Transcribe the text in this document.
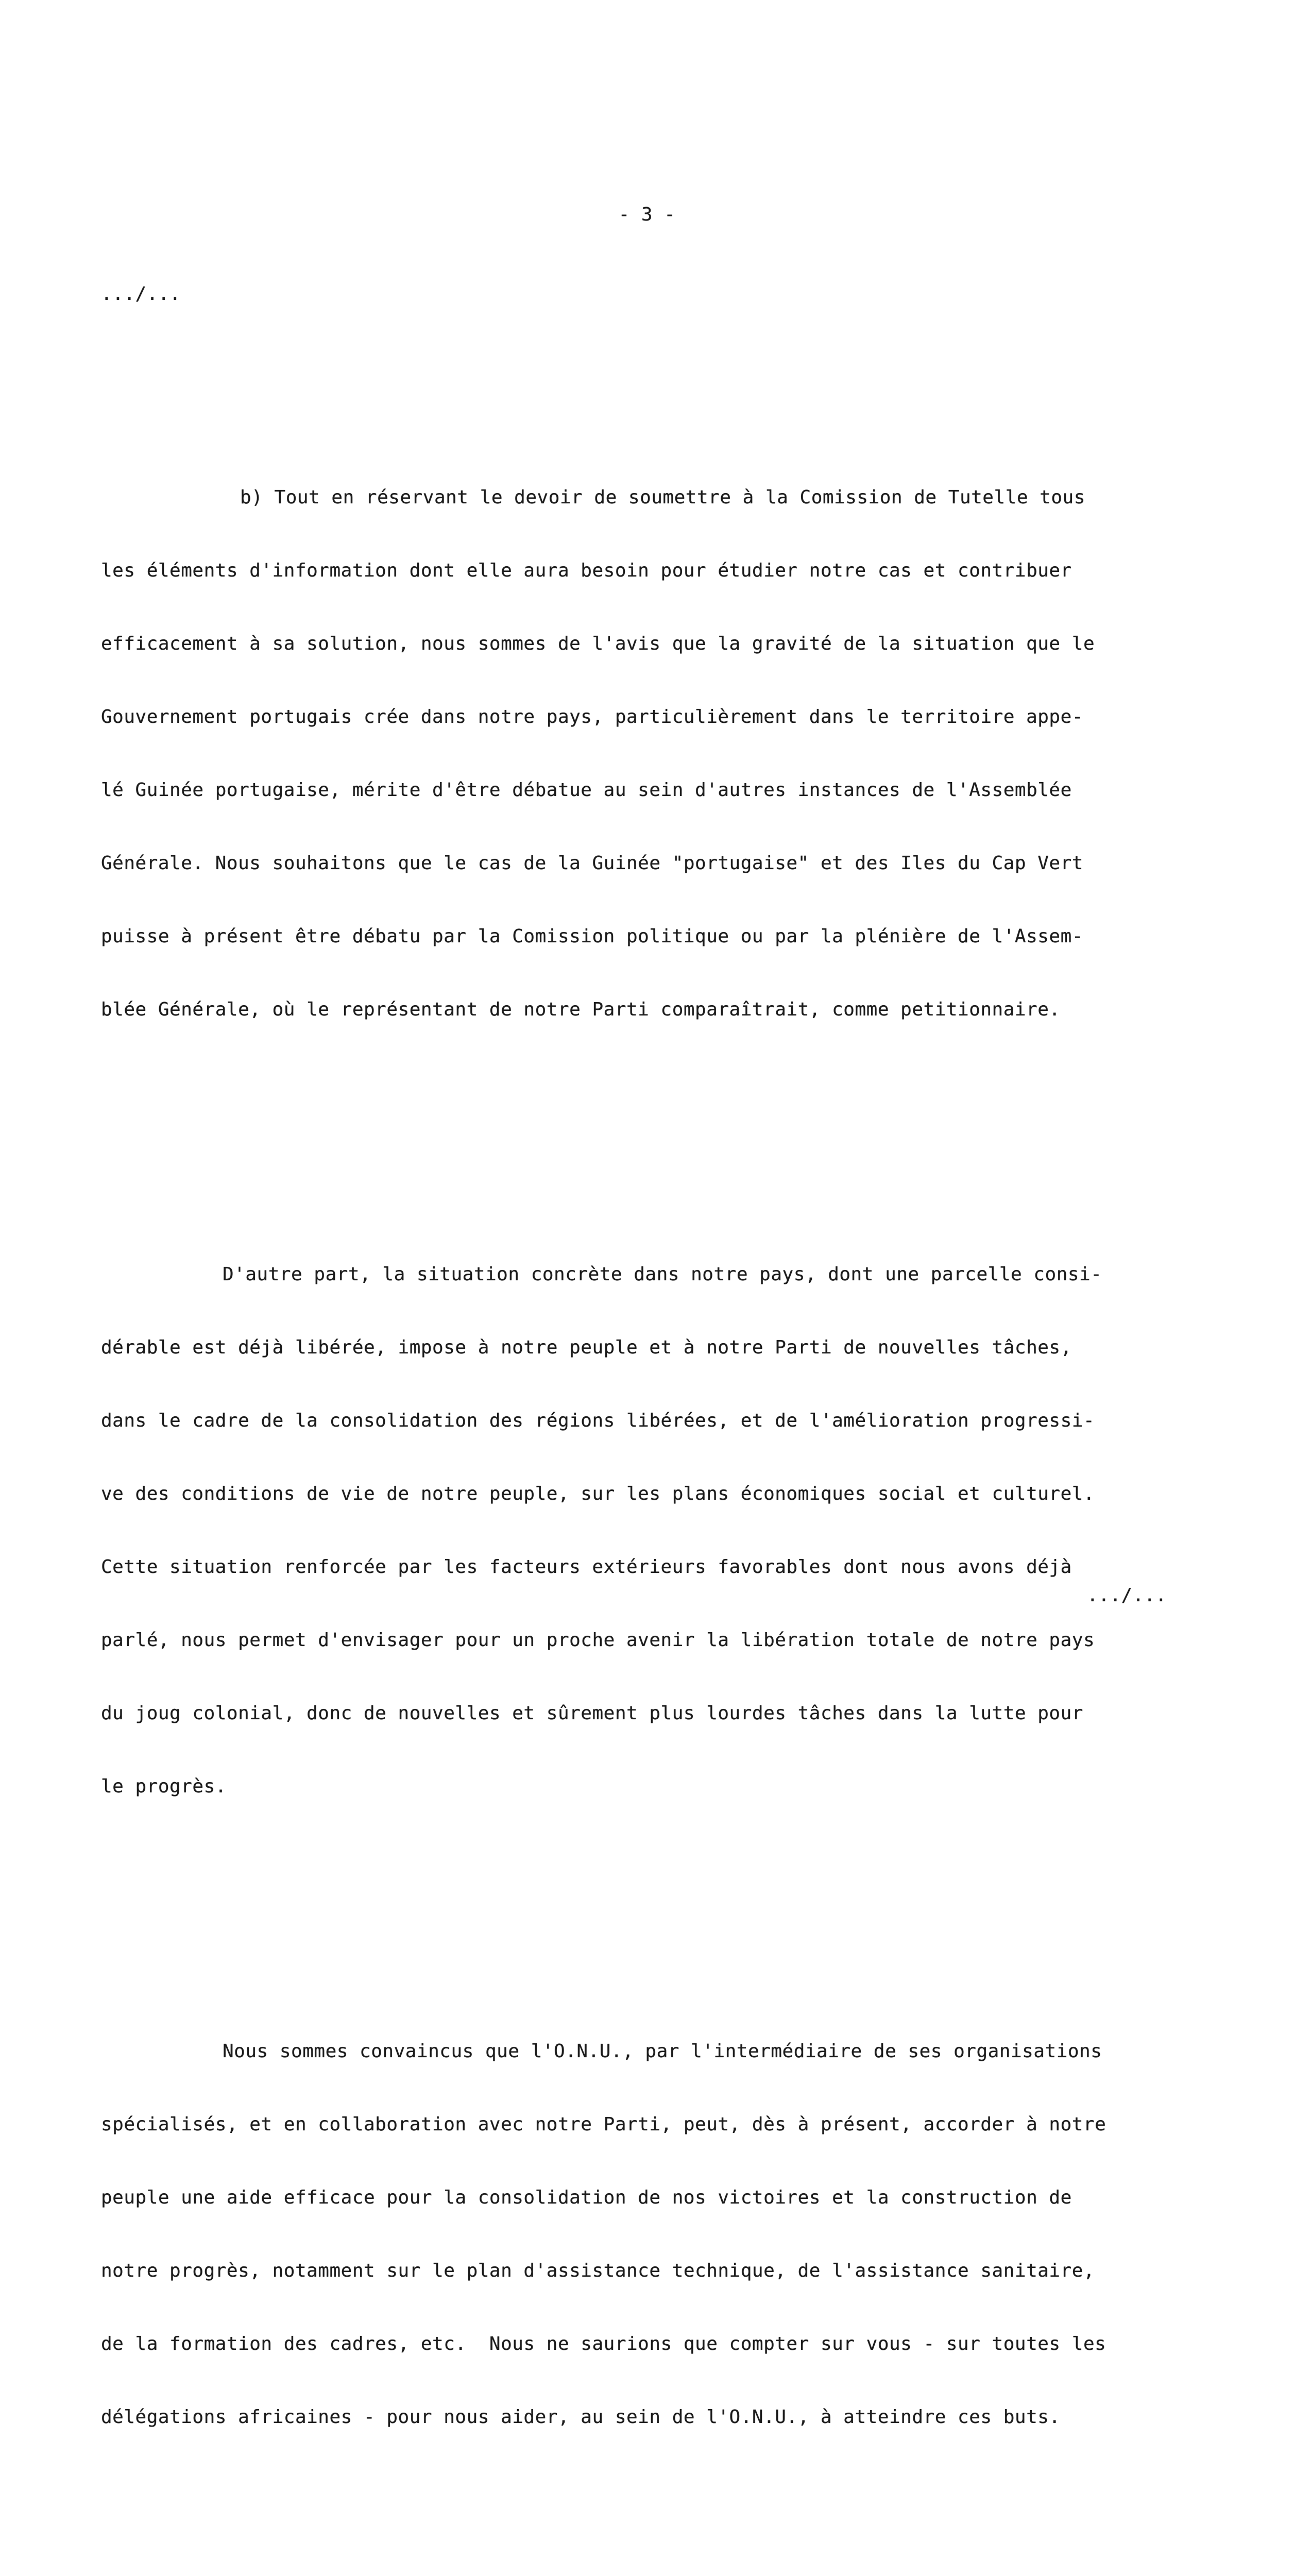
- 3 -
.../...

b) Tout en réservant le devoir de soumettre à la Comission de Tutelle tous

les éléments d'information dont elle aura besoin pour étudier notre cas et contribuer

efficacement à sa solution, nous sommes de l'avis que la gravité de la situation que le

Gouvernement portugais crée dans notre pays, particulièrement dans le territoire appe-

lé Guinée portugaise, mérite d'être débatue au sein d'autres instances de l'Assemblée

Générale. Nous souhaitons que le cas de la Guinée "portugaise" et des Iles du Cap Vert

puisse à présent être débatu par la Comission politique ou par la plénière de l'Assem-

blée Générale, où le représentant de notre Parti comparaîtrait, comme petitionnaire.

D'autre part, la situation concrète dans notre pays, dont une parcelle consi-

dérable est déjà libérée, impose à notre peuple et à notre Parti de nouvelles tâches,

dans le cadre de la consolidation des régions libérées, et de l'amélioration progressi-

ve des conditions de vie de notre peuple, sur les plans économiques social et culturel.

Cette situation renforcée par les facteurs extérieurs favorables dont nous avons déjà

parlé, nous permet d'envisager pour un proche avenir la libération totale de notre pays

du joug colonial, donc de nouvelles et sûrement plus lourdes tâches dans la lutte pour

le progrès.

Nous sommes convaincus que l'O.N.U., par l'intermédiaire de ses organisations

spécialisés, et en collaboration avec notre Parti, peut, dès à présent, accorder à notre

peuple une aide efficace pour la consolidation de nos victoires et la construction de

notre progrès, notamment sur le plan d'assistance technique, de l'assistance sanitaire,

de la formation des cadres, etc.  Nous ne saurions que compter sur vous - sur toutes les

délégations africaines - pour nous aider, au sein de l'O.N.U., à atteindre ces buts.

.../...
